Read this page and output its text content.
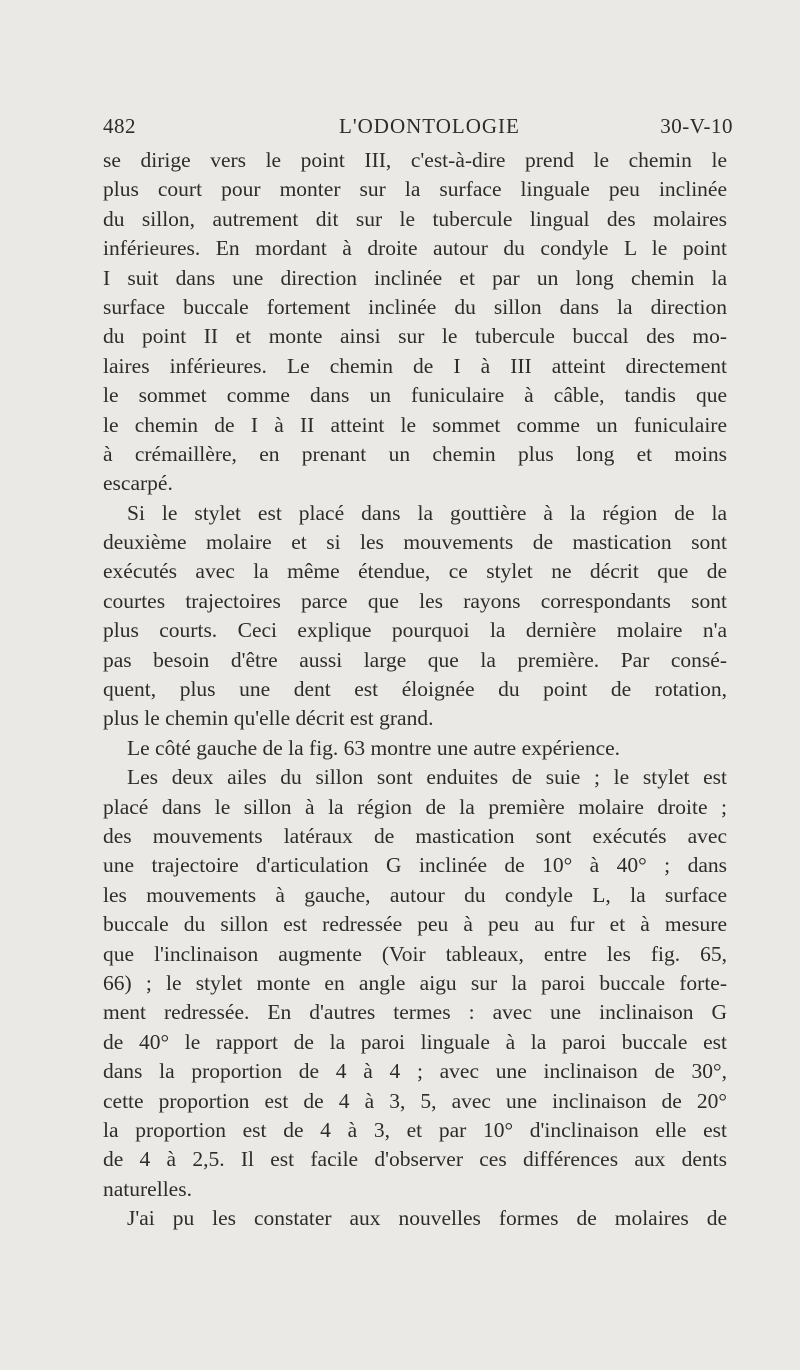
482	L'ODONTOLOGIE	30-V-10
se dirige vers le point III, c'est-à-dire prend le chemin le
plus court pour monter sur la surface linguale peu inclinée
du sillon, autrement dit sur le tubercule lingual des molaires
inférieures. En mordant à droite autour du condyle L le point
I suit dans une direction inclinée et par un long chemin la
surface buccale fortement inclinée du sillon dans la direction
du point II et monte ainsi sur le tubercule buccal des mo-
laires inférieures. Le chemin de I à III atteint directement
le sommet comme dans un funiculaire à câble, tandis que
le chemin de I à II atteint le sommet comme un funiculaire
à crémaillère, en prenant un chemin plus long et moins
escarpé.
Si le stylet est placé dans la gouttière à la région de la
deuxième molaire et si les mouvements de mastication sont
exécutés avec la même étendue, ce stylet ne décrit que de
courtes trajectoires parce que les rayons correspondants sont
plus courts. Ceci explique pourquoi la dernière molaire n'a
pas besoin d'être aussi large que la première. Par consé-
quent, plus une dent est éloignée du point de rotation,
plus le chemin qu'elle décrit est grand.
Le côté gauche de la fig. 63 montre une autre expérience.
Les deux ailes du sillon sont enduites de suie ; le stylet est
placé dans le sillon à la région de la première molaire droite ;
des mouvements latéraux de mastication sont exécutés avec
une trajectoire d'articulation G inclinée de 10° à 40° ; dans
les mouvements à gauche, autour du condyle L, la surface
buccale du sillon est redressée peu à peu au fur et à mesure
que l'inclinaison augmente (Voir tableaux, entre les fig. 65,
66) ; le stylet monte en angle aigu sur la paroi buccale forte-
ment redressée. En d'autres termes : avec une inclinaison G
de 40° le rapport de la paroi linguale à la paroi buccale est
dans la proportion de 4 à 4 ; avec une inclinaison de 30°,
cette proportion est de 4 à 3, 5, avec une inclinaison de 20°
la proportion est de 4 à 3, et par 10° d'inclinaison elle est
de 4 à 2,5. Il est facile d'observer ces différences aux dents
naturelles.
J'ai pu les constater aux nouvelles formes de molaires de
